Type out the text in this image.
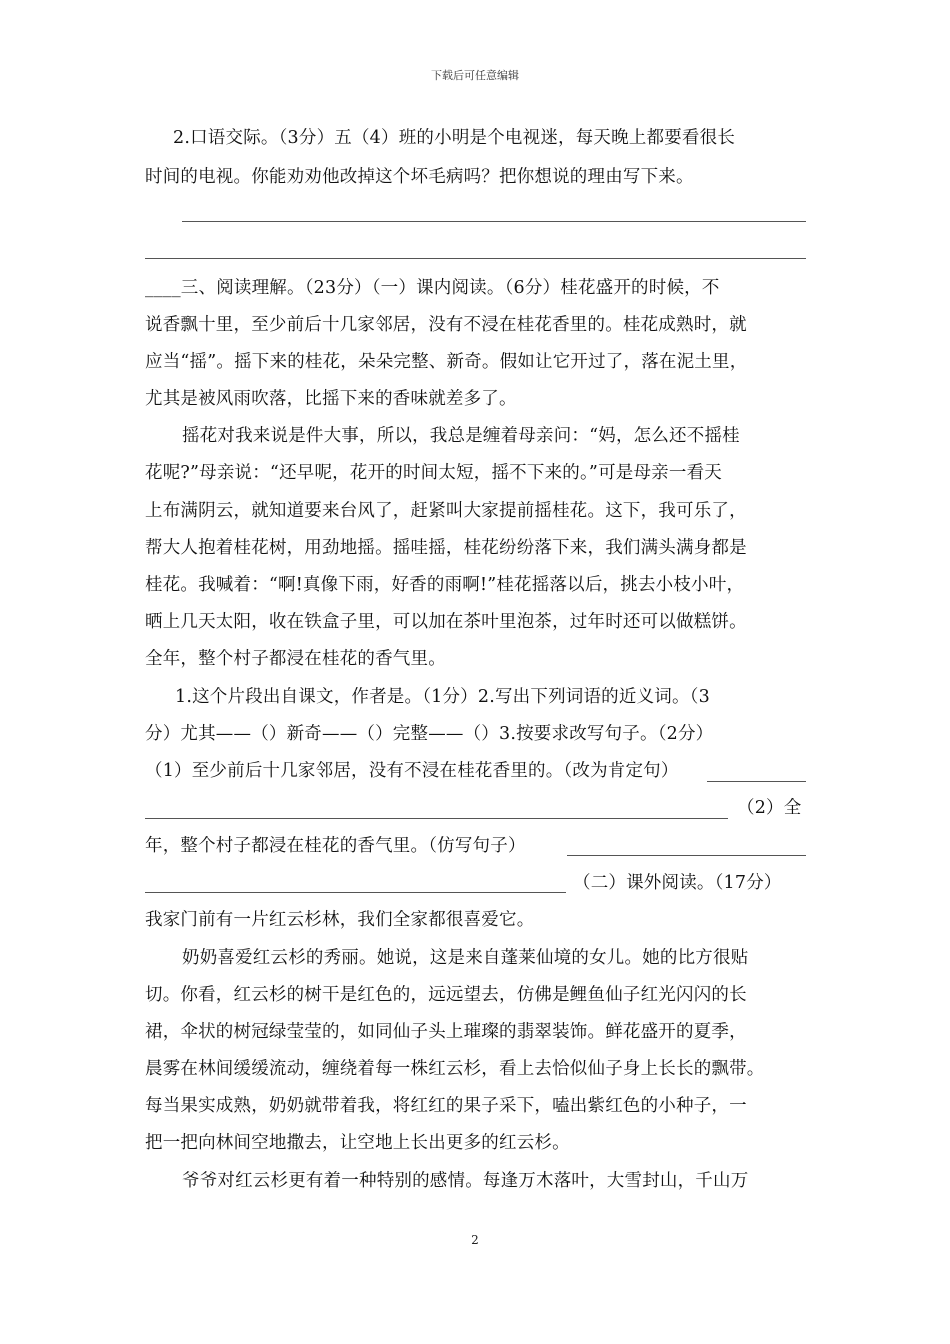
下载后可任意编辑
2.口语交际。（3分）五（4）班的小明是个电视迷，每天晚上都要看很长
时间的电视。你能劝劝他改掉这个坏毛病吗？把你想说的理由写下来。
____三、阅读理解。（23分）（一）课内阅读。（6分）桂花盛开的时候，不
说香飘十里，至少前后十几家邻居，没有不浸在桂花香里的。桂花成熟时，就
应当“摇”。摇下来的桂花，朵朵完整、新奇。假如让它开过了，落在泥土里，
尤其是被风雨吹落，比摇下来的香味就差多了。
摇花对我来说是件大事，所以，我总是缠着母亲问：“妈，怎么还不摇桂
花呢?”母亲说：“还早呢，花开的时间太短，摇不下来的。”可是母亲一看天
上布满阴云，就知道要来台风了，赶紧叫大家提前摇桂花。这下，我可乐了，
帮大人抱着桂花树，用劲地摇。摇哇摇，桂花纷纷落下来，我们满头满身都是
桂花。我喊着：“啊!真像下雨，好香的雨啊!”桂花摇落以后，挑去小枝小叶，
晒上几天太阳，收在铁盒子里，可以加在茶叶里泡茶，过年时还可以做糕饼。
全年，整个村子都浸在桂花的香气里。
1.这个片段出自课文，作者是。（1分）2.写出下列词语的近义词。（3
分）尤其——（）新奇——（）完整——（）3.按要求改写句子。（2分）
（1）至少前后十几家邻居，没有不浸在桂花香里的。（改为肯定句）
（2）全
年，整个村子都浸在桂花的香气里。（仿写句子）
（二）课外阅读。（17分）
我家门前有一片红云杉林，我们全家都很喜爱它。
奶奶喜爱红云杉的秀丽。她说，这是来自蓬莱仙境的女儿。她的比方很贴
切。你看，红云杉的树干是红色的，远远望去，仿佛是鲤鱼仙子红光闪闪的长
裙，伞状的树冠绿莹莹的，如同仙子头上璀璨的翡翠装饰。鲜花盛开的夏季，
晨雾在林间缓缓流动，缠绕着每一株红云杉，看上去恰似仙子身上长长的飘带。
每当果实成熟，奶奶就带着我，将红红的果子采下，嗑出紫红色的小种子，一
把一把向林间空地撒去，让空地上长出更多的红云杉。
爷爷对红云杉更有着一种特别的感情。每逢万木落叶，大雪封山，千山万
2
